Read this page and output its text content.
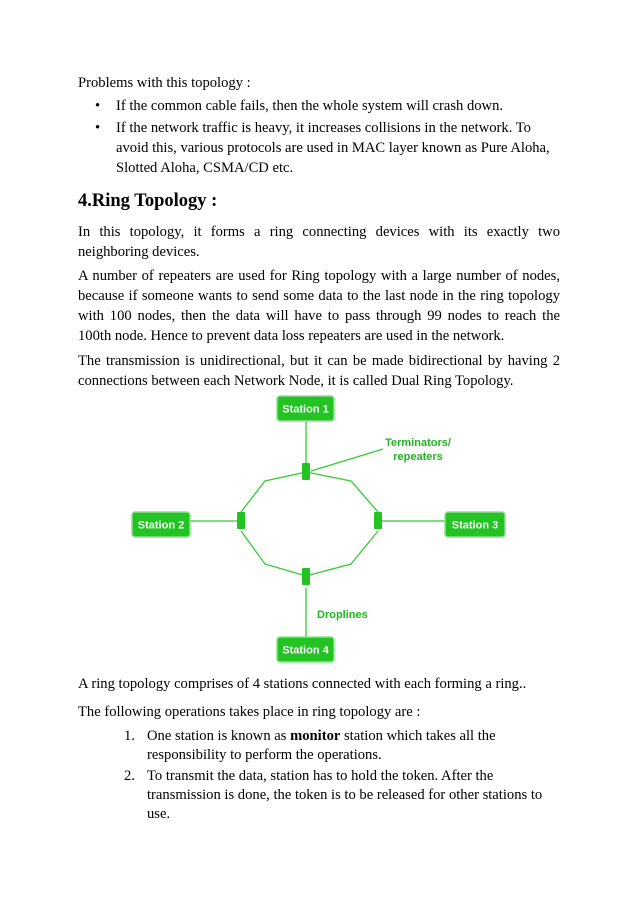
Problems with this topology :

• If the common cable fails, then the whole system will crash down.
• If the network traffic is heavy, it increases collisions in the network. To avoid this, various protocols are used in MAC layer known as Pure Aloha, Slotted Aloha, CSMA/CD etc.
4.Ring Topology :

In this topology, it forms a ring connecting devices with its exactly two neighboring devices.

A number of repeaters are used for Ring topology with a large number of nodes, because if someone wants to send some data to the last node in the ring topology with 100 nodes, then the data will have to pass through 99 nodes to reach the 100th node. Hence to prevent data loss repeaters are used in the network.

The transmission is unidirectional, but it can be made bidirectional by having 2 connections between each Network Node, it is called Dual Ring Topology.

Station 1
Station 2	Station 3
Station 4
Terminators/
repeaters
Droplines

A ring topology comprises of 4 stations connected with each forming a ring..

The following operations takes place in ring topology are :

1. One station is known as monitor station which takes all the responsibility to perform the operations.
2. To transmit the data, station has to hold the token. After the transmission is done, the token is to be released for other stations to use.
